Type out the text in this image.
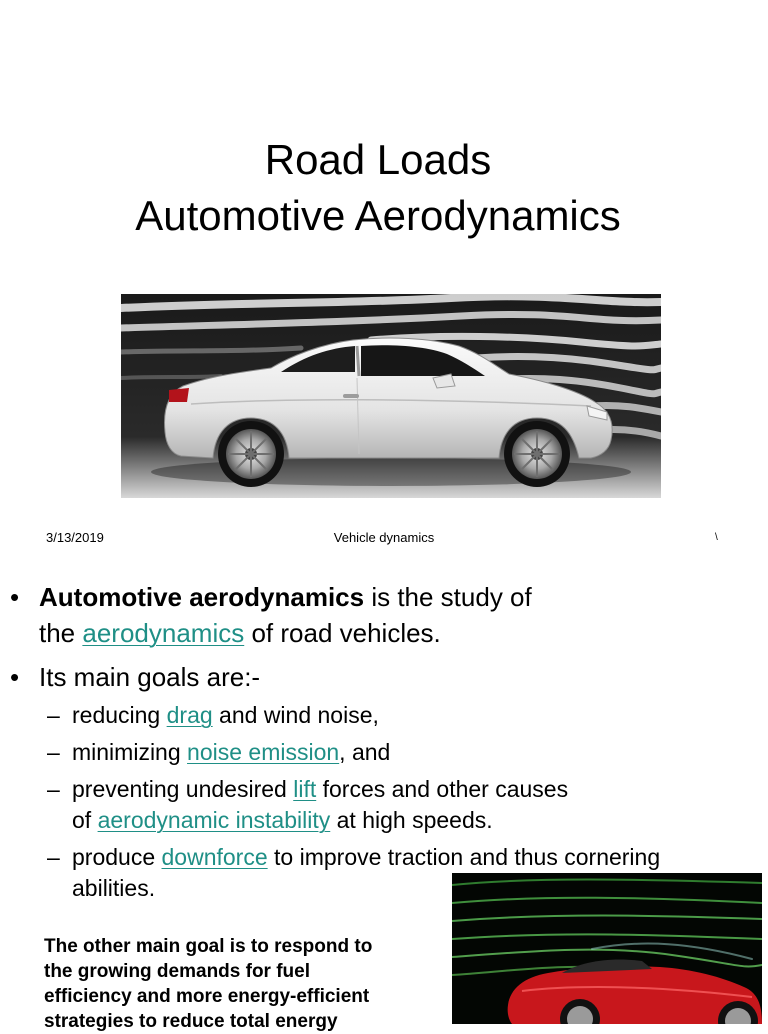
Road Loads
Automotive Aerodynamics
3/13/2019	Vehicle dynamics	\
• Automotive aerodynamics is the study of
the aerodynamics of road vehicles.
• Its main goals are:-
– reducing drag and wind noise,
– minimizing noise emission, and
– preventing undesired lift forces and other causes
of aerodynamic instability at high speeds.
– produce downforce to improve traction and thus cornering
abilities.
The other main goal is to respond to
the growing demands for fuel
efficiency and more energy-efficient
strategies to reduce total energy
